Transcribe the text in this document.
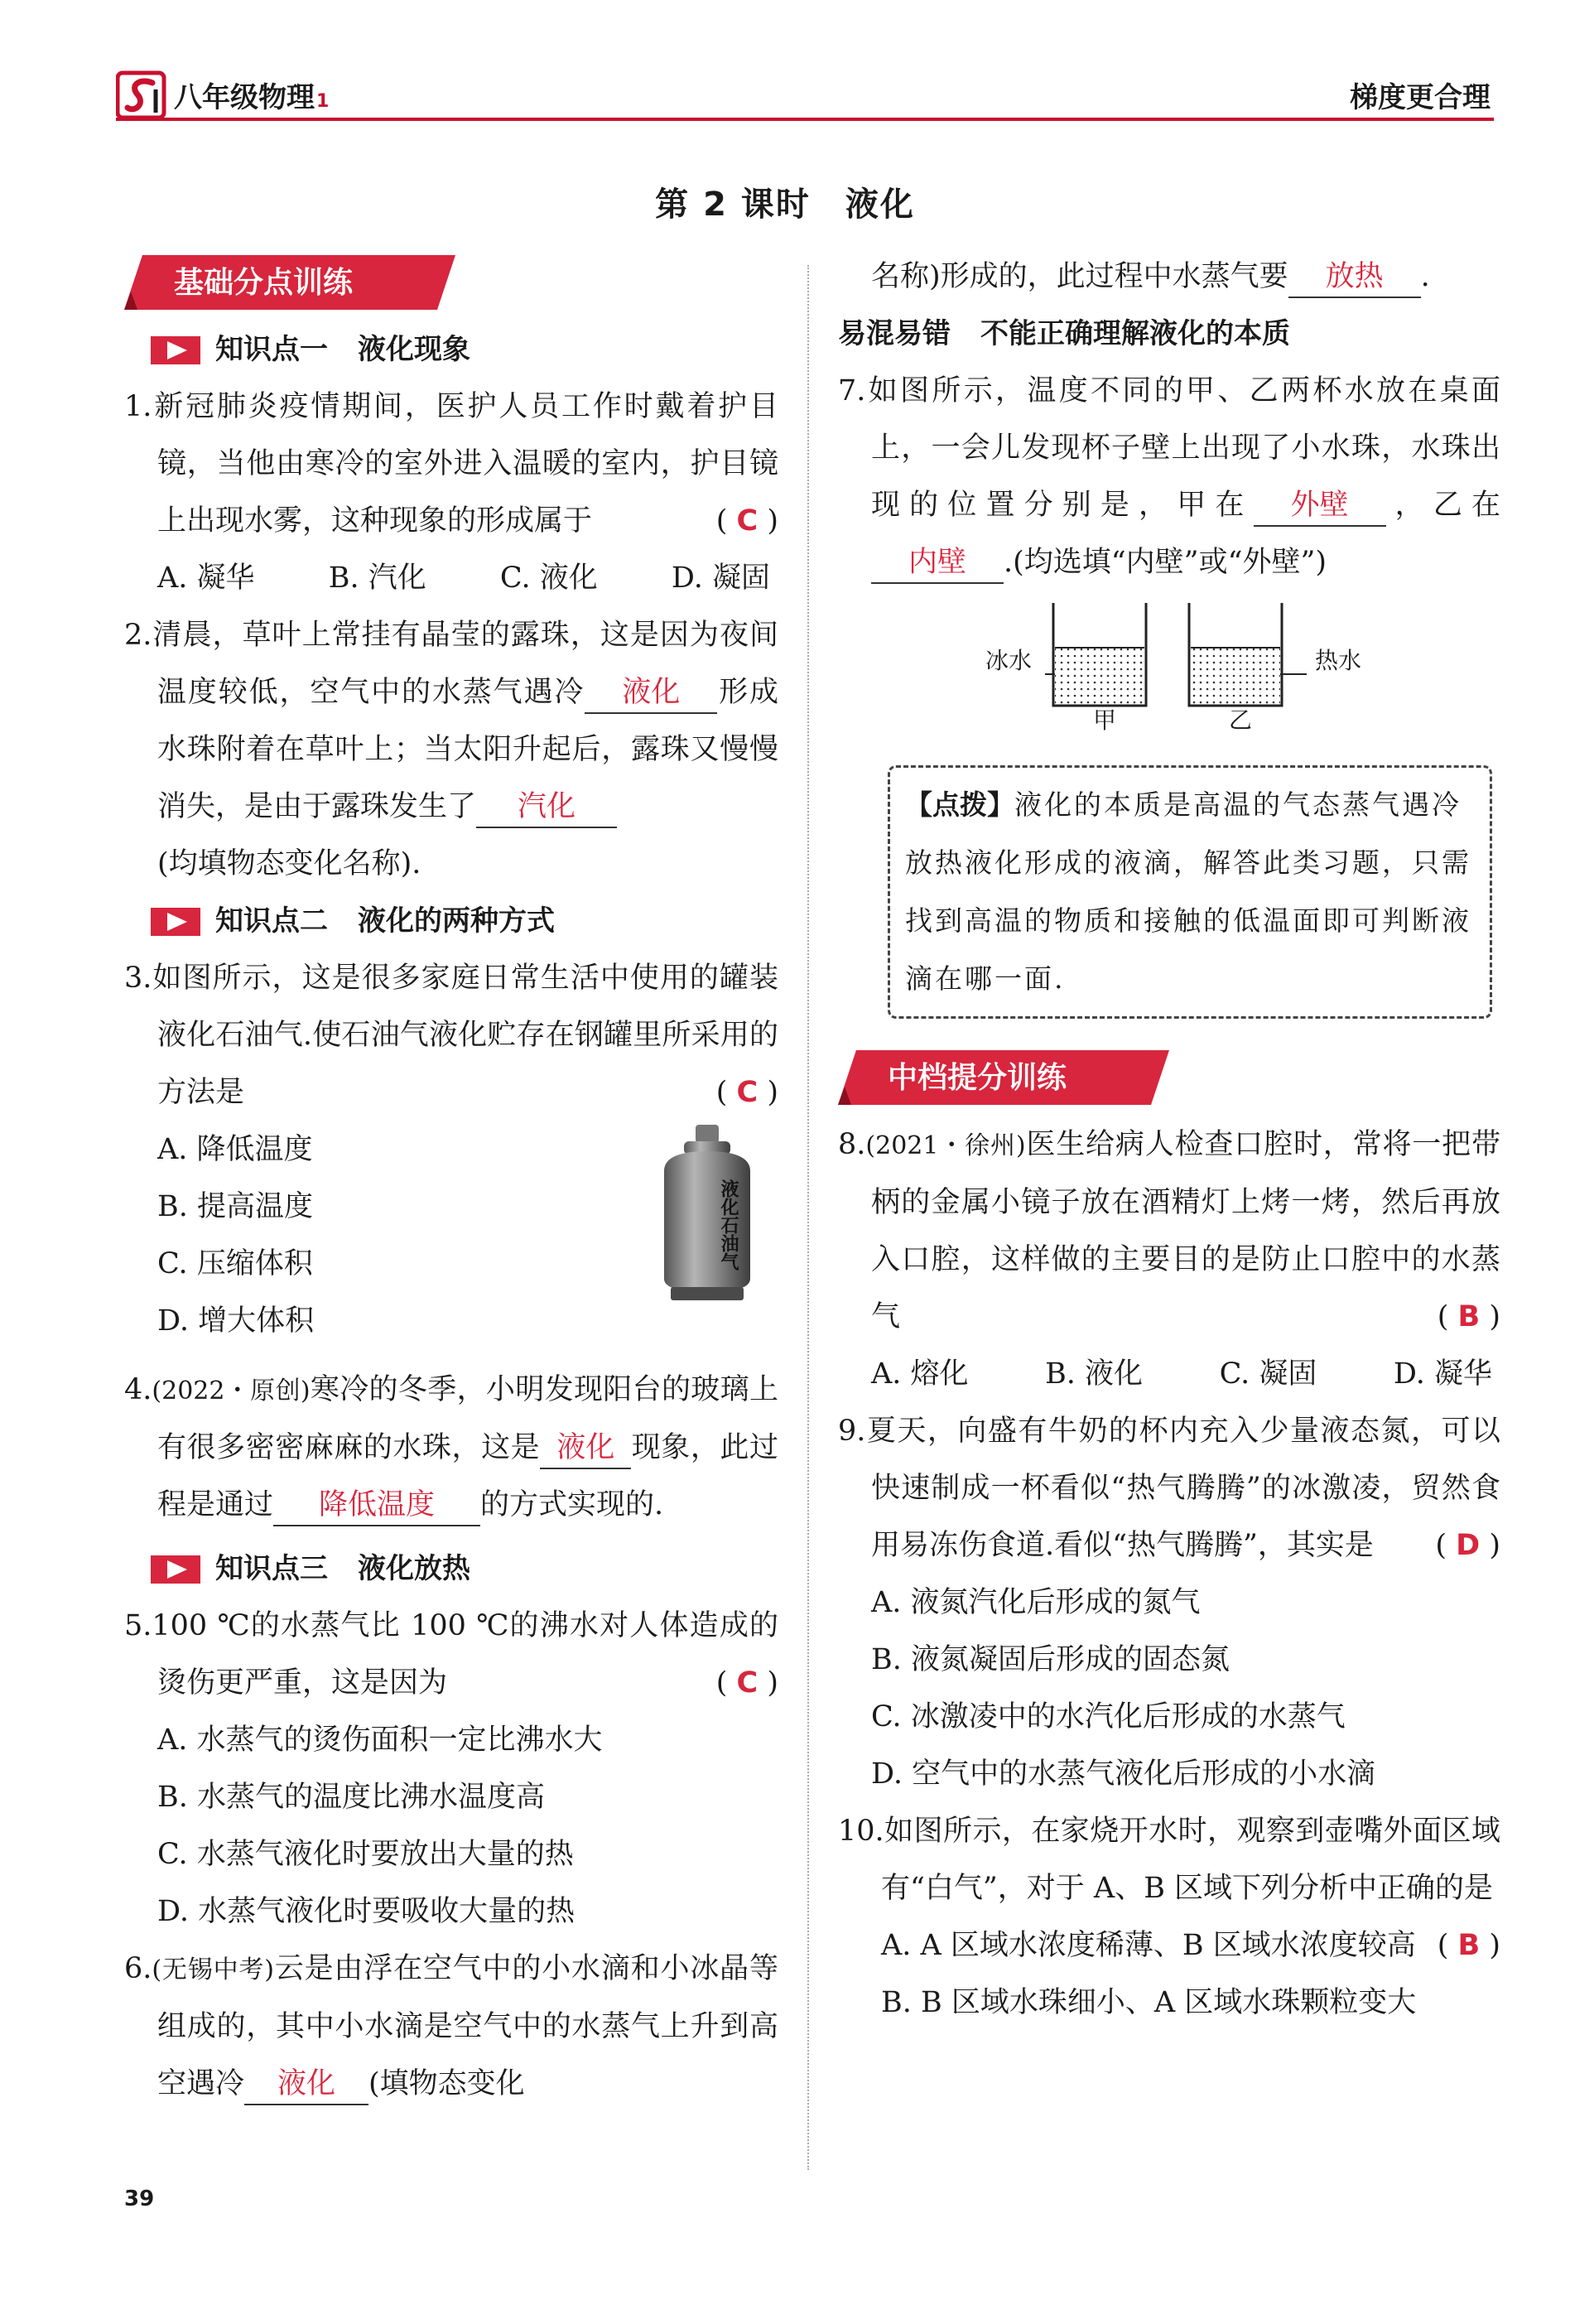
八年级物理1	梯度更合理
第 2 课时　液化
基础分点训练
知识点一 液化现象
1.新冠肺炎疫情期间，医护人员工作时戴着护目镜，当他由寒冷的室外进入温暖的室内，护目镜上出现水雾，这种现象的形成属于	( C )
A. 凝华	B. 汽化	C. 液化	D. 凝固
2.清晨，草叶上常挂有晶莹的露珠，这是因为夜间温度较低，空气中的水蒸气遇冷 液化 形成水珠附着在草叶上；当太阳升起后，露珠又慢慢消失，是由于露珠发生了 汽化
(均填物态变化名称).
知识点二 液化的两种方式
3.如图所示，这是很多家庭日常生活中使用的罐装液化石油气.使石油气液化贮存在钢罐里所采用的方法是	( C )
A. 降低温度
B. 提高温度
C. 压缩体积
D. 增大体积
液化石油气
4.(2022・原创)寒冷的冬季，小明发现阳台的玻璃上有很多密密麻麻的水珠，这是 液化 现象，此过程是通过 降低温度 的方式实现的.
知识点三 液化放热
5.100 ℃的水蒸气比 100 ℃的沸水对人体造成的烫伤更严重，这是因为	( C )
A. 水蒸气的烫伤面积一定比沸水大
B. 水蒸气的温度比沸水温度高
C. 水蒸气液化时要放出大量的热
D. 水蒸气液化时要吸收大量的热
6.(无锡中考)云是由浮在空气中的小水滴和小冰晶等组成的，其中小水滴是空气中的水蒸气上升到高空遇冷 液化 (填物态变化
名称)形成的，此过程中水蒸气要 放热 .
易混易错 不能正确理解液化的本质
7.如图所示，温度不同的甲、乙两杯水放在桌面上，一会儿发现杯子壁上出现了小水珠，水珠出现的位置分别是，甲在 外壁 ，乙在内壁 .(均选填“内壁”或“外壁”)
冰水	热水
甲	乙
【点拨】液化的本质是高温的气态蒸气遇冷放热液化形成的液滴，解答此类习题，只需找到高温的物质和接触的低温面即可判断液滴在哪一面.
中档提分训练
8.(2021・徐州)医生给病人检查口腔时，常将一把带柄的金属小镜子放在酒精灯上烤一烤，然后再放入口腔，这样做的主要目的是防止口腔中的水蒸气	( B )
A. 熔化	B. 液化	C. 凝固	D. 凝华
9.夏天，向盛有牛奶的杯内充入少量液态氮，可以快速制成一杯看似“热气腾腾”的冰激凌，贸然食用易冻伤食道.看似“热气腾腾”，其实是 ( D )
A. 液氮汽化后形成的氮气
B. 液氮凝固后形成的固态氮
C. 冰激凌中的水汽化后形成的水蒸气
D. 空气中的水蒸气液化后形成的小水滴
10.如图所示，在家烧开水时，观察到壶嘴外面区域有“白气”，对于 A、B 区域下列分析中正确的是
( B )
A. A 区域水浓度稀薄、B 区域水浓度较高
B. B 区域水珠细小、A 区域水珠颗粒变大
39
